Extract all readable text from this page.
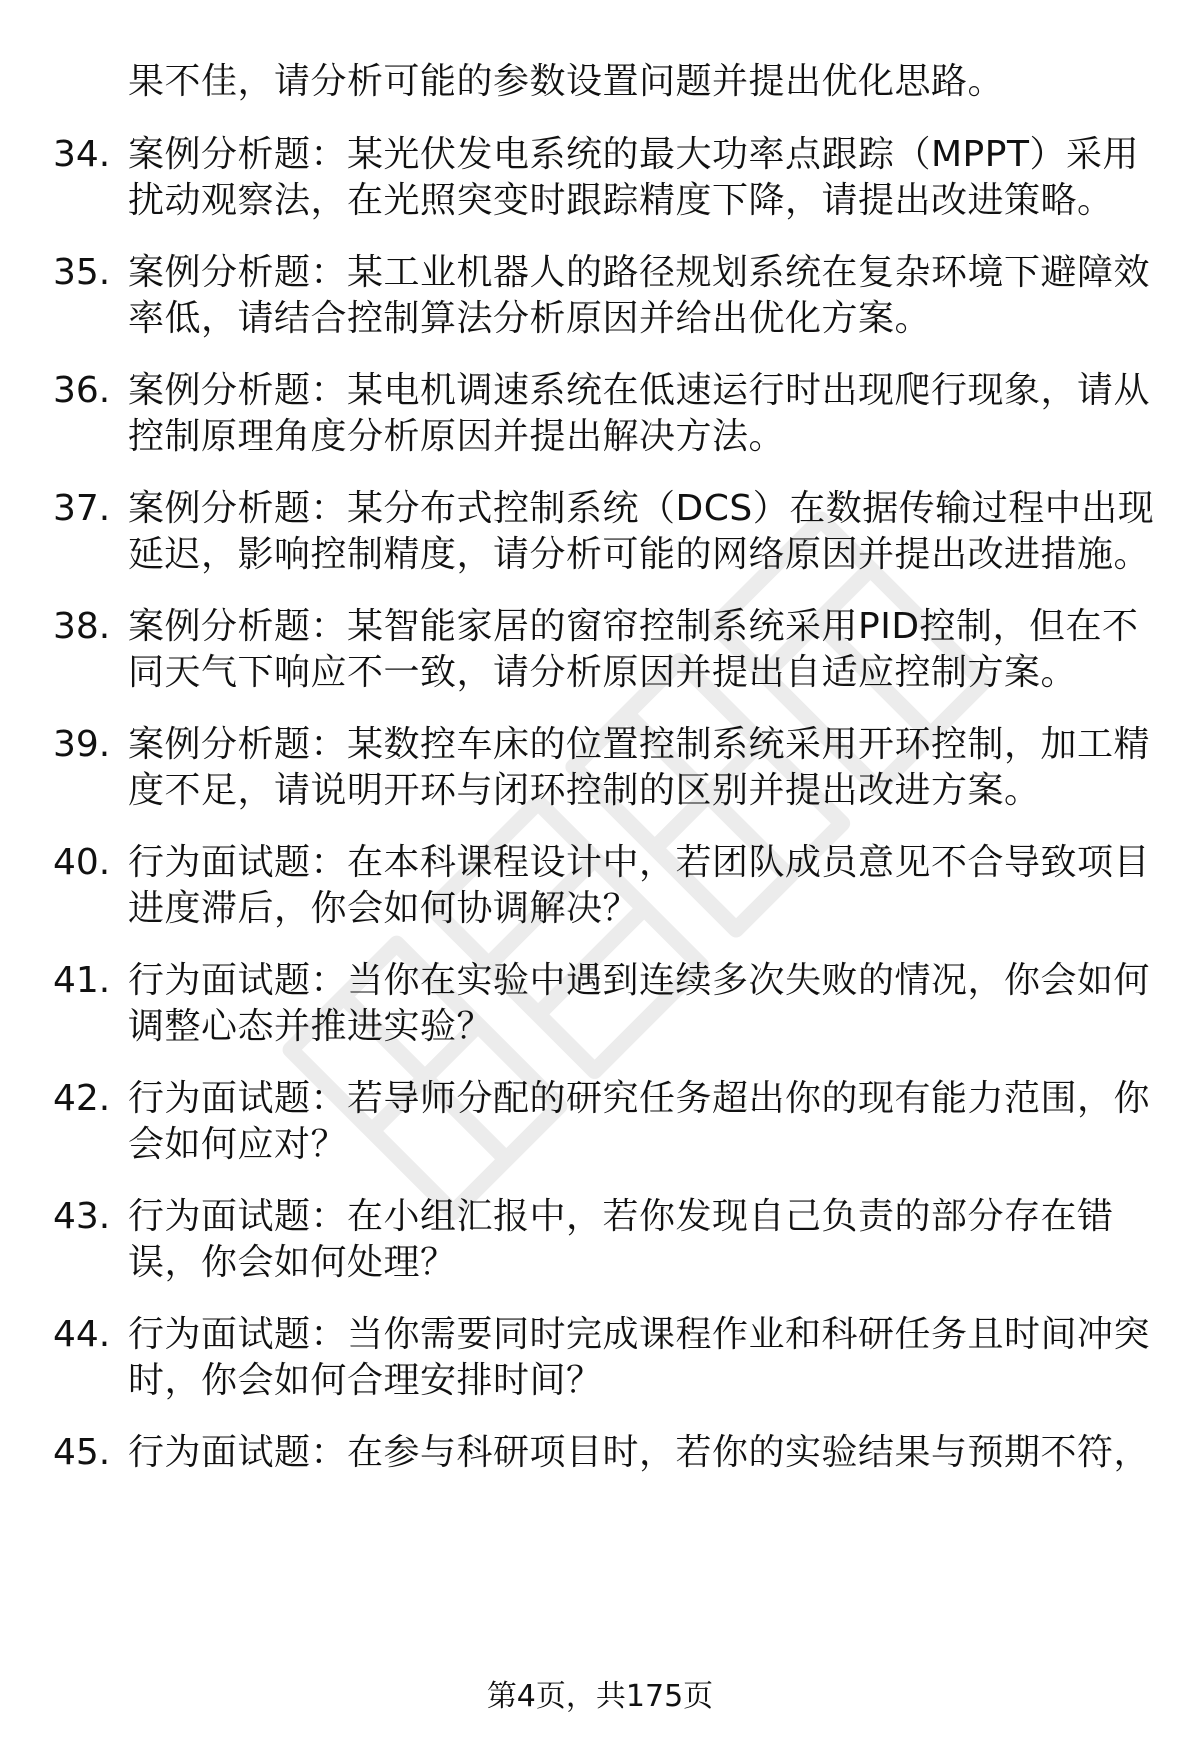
果不佳，请分析可能的参数设置问题并提出优化思路。
34. 案例分析题：某光伏发电系统的最大功率点跟踪（MPPT）采用
扰动观察法，在光照突变时跟踪精度下降，请提出改进策略。
35. 案例分析题：某工业机器人的路径规划系统在复杂环境下避障效
率低，请结合控制算法分析原因并给出优化方案。
36. 案例分析题：某电机调速系统在低速运行时出现爬行现象，请从
控制原理角度分析原因并提出解决方法。
37. 案例分析题：某分布式控制系统（DCS）在数据传输过程中出现
延迟，影响控制精度，请分析可能的网络原因并提出改进措施。
38. 案例分析题：某智能家居的窗帘控制系统采用PID控制，但在不
同天气下响应不一致，请分析原因并提出自适应控制方案。
39. 案例分析题：某数控车床的位置控制系统采用开环控制，加工精
度不足，请说明开环与闭环控制的区别并提出改进方案。
40. 行为面试题：在本科课程设计中，若团队成员意见不合导致项目
进度滞后，你会如何协调解决？
41. 行为面试题：当你在实验中遇到连续多次失败的情况，你会如何
调整心态并推进实验？
42. 行为面试题：若导师分配的研究任务超出你的现有能力范围，你
会如何应对？
43. 行为面试题：在小组汇报中，若你发现自己负责的部分存在错
误，你会如何处理？
44. 行为面试题：当你需要同时完成课程作业和科研任务且时间冲突
时，你会如何合理安排时间？
45. 行为面试题：在参与科研项目时，若你的实验结果与预期不符，
第4页，共175页
